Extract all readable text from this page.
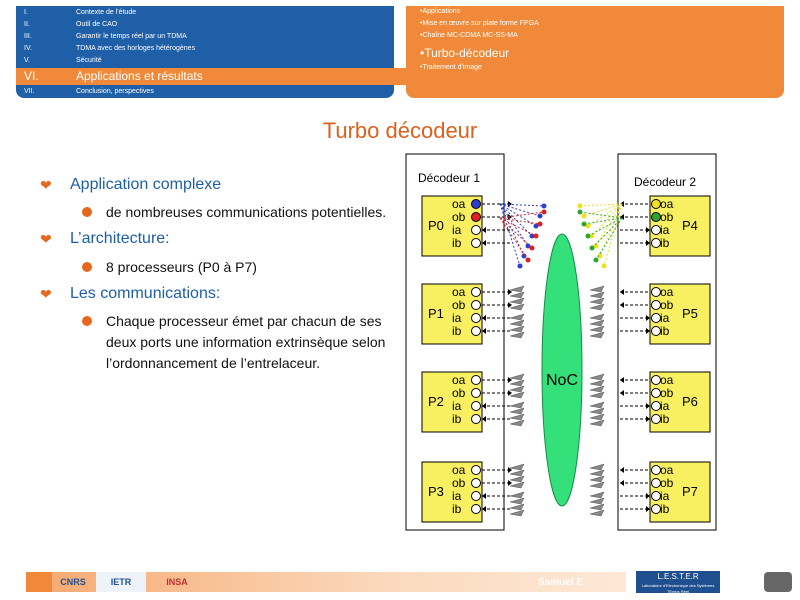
I.	Contexte de l'étude
II.	Outil de CAO
III.	Garantir le temps réel par un TDMA
IV.	TDMA avec des horloges hétérogènes
V.	Sécurité
VI.	Applications et résultats
VII.	Conclusion, perspectives
•Applications
•Mise en œuvre sur plate forme FPGA
•Chaîne MC-CDMA MC-SS-MA
•Turbo-décodeur
•Traitement d'image
Turbo décodeur
❤ Application complexe
de nombreuses communications potentielles.
❤ L’architecture:
8 processeurs (P0 à P7)
❤ Les communications:
Chaque processeur émet par chacun de ses deux ports une information extrinsèque selon l’ordonnancement de l’entrelaceur.
Décodeur 1	Décodeur 2
NoC
P0
oa
ob
ia
ib
P4
oa
ob
ia
ib
P1
oa
ob
ia
ib
P5
oa
ob
ia
ib
P2
oa
ob
ia
ib
P6
oa
ob
ia
ib
P3
oa
ob
ia
ib
P7
oa
ob
ia
ib
CNRS	IETR	INSA	Samuel E
L.E.S.T.E.R
Laboratoire d'Electronique des Systèmes TEmps Réel
